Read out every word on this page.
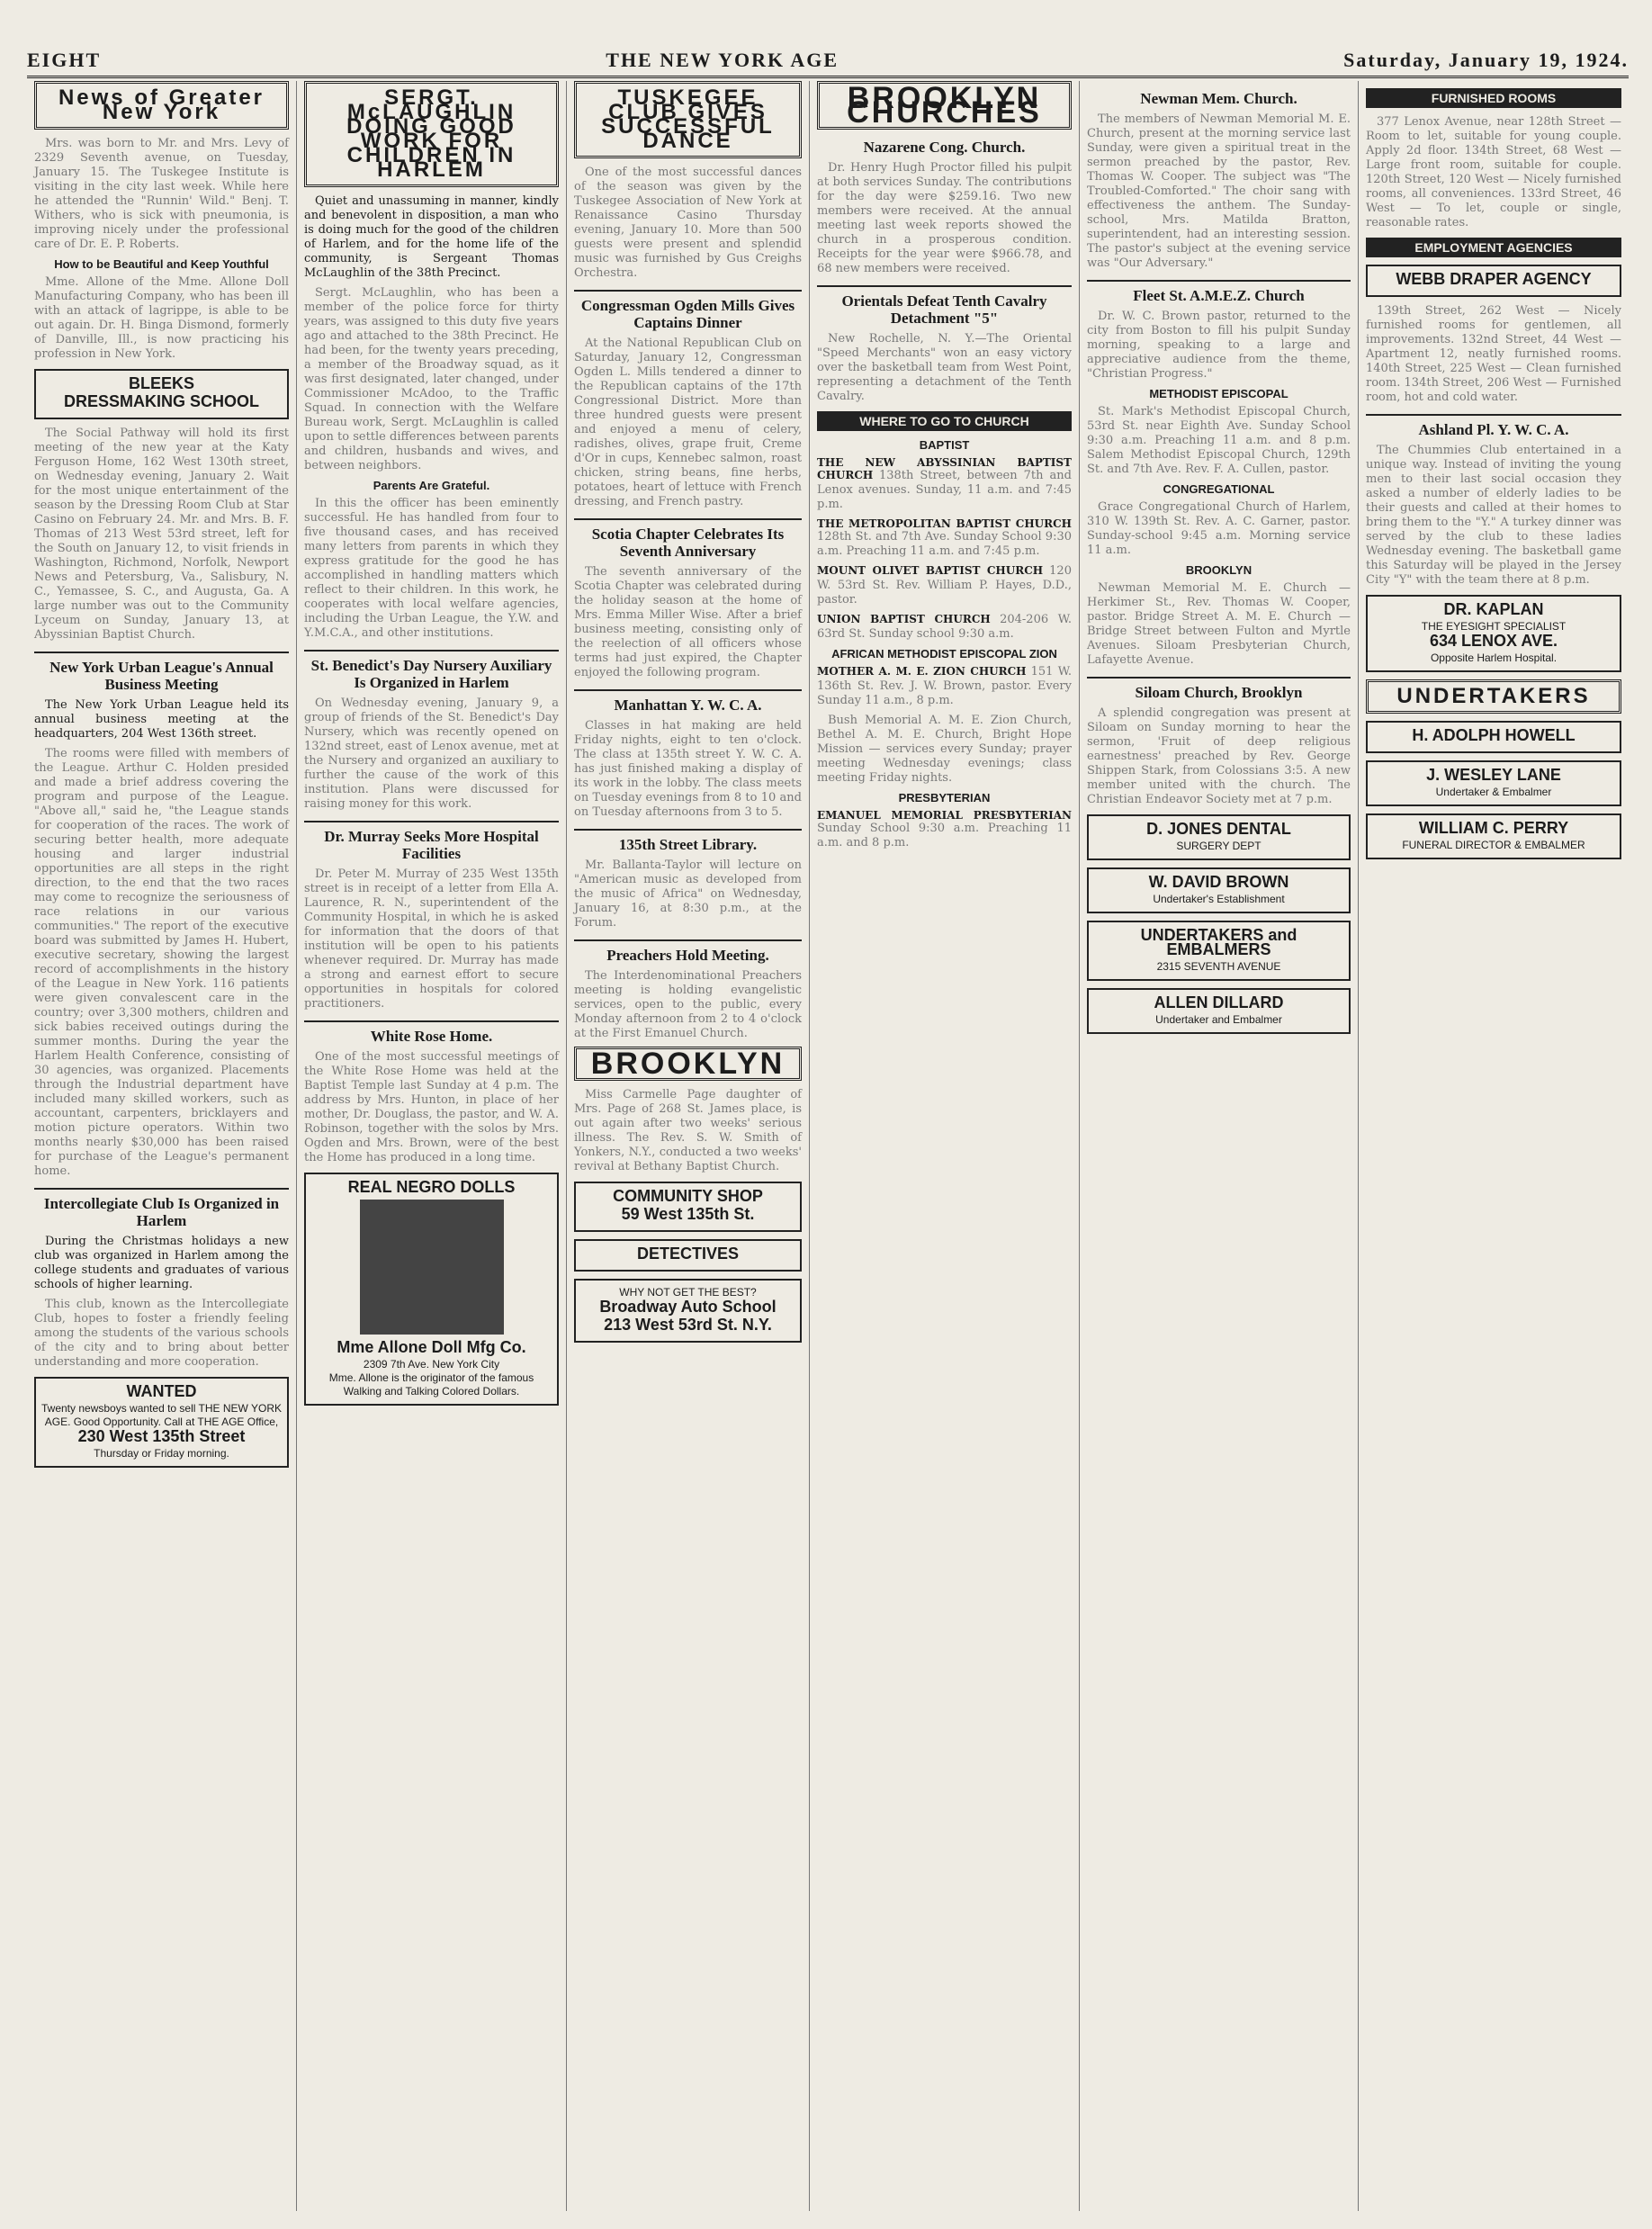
EIGHT	THE NEW YORK AGE	Saturday, January 19, 1924.
News of Greater New York

Mrs. was born to Mr. and Mrs. Levy of 2329 Seventh avenue, on Tuesday, January 15. The Tuskegee Institute is visiting in the city last week. While here he attended the "Runnin' Wild." Benj. T. Withers, who is sick with pneumonia, is improving nicely under the professional care of Dr. E. P. Roberts.

How to be Beautiful and Keep Youthful

Mme. Allone of the Mme. Allone Doll Manufacturing Company, who has been ill with an attack of lagrippe, is able to be out again. Dr. H. Binga Dismond, formerly of Danville, Ill., is now practicing his profession in New York.

BLEEKS
DRESSMAKING SCHOOL

The Social Pathway will hold its first meeting of the new year at the Katy Ferguson Home, 162 West 130th street, on Wednesday evening, January 2. Wait for the most unique entertainment of the season by the Dressing Room Club at Star Casino on February 24. Mr. and Mrs. B. F. Thomas of 213 West 53rd street, left for the South on January 12, to visit friends in Washington, Richmond, Norfolk, Newport News and Petersburg, Va., Salisbury, N. C., Yemassee, S. C., and Augusta, Ga. A large number was out to the Community Lyceum on Sunday, January 13, at Abyssinian Baptist Church.

New York Urban League's Annual Business Meeting

The New York Urban League held its annual business meeting at the headquarters, 204 West 136th street.

The rooms were filled with members of the League. Arthur C. Holden presided and made a brief address covering the program and purpose of the League. "Above all," said he, "the League stands for cooperation of the races. The work of securing better health, more adequate housing and larger industrial opportunities are all steps in the right direction, to the end that the two races may come to recognize the seriousness of race relations in our various communities." The report of the executive board was submitted by James H. Hubert, executive secretary, showing the largest record of accomplishments in the history of the League in New York. 116 patients were given convalescent care in the country; over 3,300 mothers, children and sick babies received outings during the summer months. During the year the Harlem Health Conference, consisting of 30 agencies, was organized. Placements through the Industrial department have included many skilled workers, such as accountant, carpenters, bricklayers and motion picture operators. Within two months nearly $30,000 has been raised for purchase of the League's permanent home.

Intercollegiate Club Is Organized in Harlem

During the Christmas holidays a new club was organized in Harlem among the college students and graduates of various schools of higher learning.

This club, known as the Intercollegiate Club, hopes to foster a friendly feeling among the students of the various schools of the city and to bring about better understanding and more cooperation.

WANTED
Twenty newsboys wanted to sell THE NEW YORK AGE. Good Opportunity. Call at THE AGE Office,
230 West 135th Street
Thursday or Friday morning.
SERGT. McLAUGHLIN DOING GOOD WORK FOR CHILDREN IN HARLEM

Quiet and unassuming in manner, kindly and benevolent in disposition, a man who is doing much for the good of the children of Harlem, and for the home life of the community, is Sergeant Thomas McLaughlin of the 38th Precinct.

Sergt. McLaughlin, who has been a member of the police force for thirty years, was assigned to this duty five years ago and attached to the 38th Precinct. He had been, for the twenty years preceding, a member of the Broadway squad, as it was first designated, later changed, under Commissioner McAdoo, to the Traffic Squad. In connection with the Welfare Bureau work, Sergt. McLaughlin is called upon to settle differences between parents and children, husbands and wives, and between neighbors.

Parents Are Grateful.

In this the officer has been eminently successful. He has handled from four to five thousand cases, and has received many letters from parents in which they express gratitude for the good he has accomplished in handling matters which reflect to their children. In this work, he cooperates with local welfare agencies, including the Urban League, the Y.W. and Y.M.C.A., and other institutions.

St. Benedict's Day Nursery Auxiliary Is Organized in Harlem

On Wednesday evening, January 9, a group of friends of the St. Benedict's Day Nursery, which was recently opened on 132nd street, east of Lenox avenue, met at the Nursery and organized an auxiliary to further the cause of the work of this institution. Plans were discussed for raising money for this work.

Dr. Murray Seeks More Hospital Facilities

Dr. Peter M. Murray of 235 West 135th street is in receipt of a letter from Ella A. Laurence, R. N., superintendent of the Community Hospital, in which he is asked for information that the doors of that institution will be open to his patients whenever required. Dr. Murray has made a strong and earnest effort to secure opportunities in hospitals for colored practitioners.

White Rose Home.

One of the most successful meetings of the White Rose Home was held at the Baptist Temple last Sunday at 4 p.m. The address by Mrs. Hunton, in place of her mother, Dr. Douglass, the pastor, and W. A. Robinson, together with the solos by Mrs. Ogden and Mrs. Brown, were of the best the Home has produced in a long time.

REAL NEGRO DOLLS
Mme Allone Doll Mfg Co.
2309 7th Ave. New York City
Mme. Allone is the originator of the famous Walking and Talking Colored Dollars.
TUSKEGEE CLUB GIVES SUCCESSFUL DANCE

One of the most successful dances of the season was given by the Tuskegee Association of New York at Renaissance Casino Thursday evening, January 10. More than 500 guests were present and splendid music was furnished by Gus Creighs Orchestra.

Congressman Ogden Mills Gives Captains Dinner

At the National Republican Club on Saturday, January 12, Congressman Ogden L. Mills tendered a dinner to the Republican captains of the 17th Congressional District. More than three hundred guests were present and enjoyed a menu of celery, radishes, olives, grape fruit, Creme d'Or in cups, Kennebec salmon, roast chicken, string beans, fine herbs, potatoes, heart of lettuce with French dressing, and French pastry.

Scotia Chapter Celebrates Its Seventh Anniversary

The seventh anniversary of the Scotia Chapter was celebrated during the holiday season at the home of Mrs. Emma Miller Wise. After a brief business meeting, consisting only of the reelection of all officers whose terms had just expired, the Chapter enjoyed the following program.

Manhattan Y. W. C. A.

Classes in hat making are held Friday nights, eight to ten o'clock. The class at 135th street Y. W. C. A. has just finished making a display of its work in the lobby. The class meets on Tuesday evenings from 8 to 10 and on Tuesday afternoons from 3 to 5.

135th Street Library.

Mr. Ballanta-Taylor will lecture on "American music as developed from the music of Africa" on Wednesday, January 16, at 8:30 p.m., at the Forum.

Preachers Hold Meeting.

The Interdenominational Preachers meeting is holding evangelistic services, open to the public, every Monday afternoon from 2 to 4 o'clock at the First Emanuel Church.

BROOKLYN

Miss Carmelle Page daughter of Mrs. Page of 268 St. James place, is out again after two weeks' serious illness. The Rev. S. W. Smith of Yonkers, N.Y., conducted a two weeks' revival at Bethany Baptist Church.

COMMUNITY SHOP
59 West 135th St.
DETECTIVES
WHY NOT GET THE BEST?
Broadway Auto School
213 West 53rd St. N.Y.
BROOKLYN CHURCHES
Nazarene Cong. Church.

Dr. Henry Hugh Proctor filled his pulpit at both services Sunday. The contributions for the day were $259.16. Two new members were received. At the annual meeting last week reports showed the church in a prosperous condition. Receipts for the year were $966.78, and 68 new members were received.

Orientals Defeat Tenth Cavalry Detachment "5"

New Rochelle, N. Y.—The Oriental "Speed Merchants" won an easy victory over the basketball team from West Point, representing a detachment of the Tenth Cavalry.

WHERE TO GO TO CHURCH
BAPTIST
THE NEW ABYSSINIAN BAPTIST CHURCH 138th Street, between 7th and Lenox avenues. Sunday, 11 a.m. and 7:45 p.m.
THE METROPOLITAN BAPTIST CHURCH 128th St. and 7th Ave. Sunday School 9:30 a.m. Preaching 11 a.m. and 7:45 p.m.
MOUNT OLIVET BAPTIST CHURCH 120 W. 53rd St. Rev. William P. Hayes, D.D., pastor.
UNION BAPTIST CHURCH 204-206 W. 63rd St. Sunday school 9:30 a.m.
AFRICAN METHODIST EPISCOPAL ZION
MOTHER A. M. E. ZION CHURCH 151 W. 136th St. Rev. J. W. Brown, pastor. Every Sunday 11 a.m., 8 p.m.

Bush Memorial A. M. E. Zion Church, Bethel A. M. E. Church, Bright Hope Mission — services every Sunday; prayer meeting Wednesday evenings; class meeting Friday nights.

PRESBYTERIAN
EMANUEL MEMORIAL PRESBYTERIAN Sunday School 9:30 a.m. Preaching 11 a.m. and 8 p.m.
Newman Mem. Church.

The members of Newman Memorial M. E. Church, present at the morning service last Sunday, were given a spiritual treat in the sermon preached by the pastor, Rev. Thomas W. Cooper. The subject was "The Troubled-Comforted." The choir sang with effectiveness the anthem. The Sunday-school, Mrs. Matilda Bratton, superintendent, had an interesting session. The pastor's subject at the evening service was "Our Adversary."

Fleet St. A.M.E.Z. Church

Dr. W. C. Brown pastor, returned to the city from Boston to fill his pulpit Sunday morning, speaking to a large and appreciative audience from the theme, "Christian Progress."

METHODIST EPISCOPAL

St. Mark's Methodist Episcopal Church, 53rd St. near Eighth Ave. Sunday School 9:30 a.m. Preaching 11 a.m. and 8 p.m. Salem Methodist Episcopal Church, 129th St. and 7th Ave. Rev. F. A. Cullen, pastor.

CONGREGATIONAL

Grace Congregational Church of Harlem, 310 W. 139th St. Rev. A. C. Garner, pastor. Sunday-school 9:45 a.m. Morning service 11 a.m.

BROOKLYN

Newman Memorial M. E. Church — Herkimer St., Rev. Thomas W. Cooper, pastor. Bridge Street A. M. E. Church — Bridge Street between Fulton and Myrtle Avenues. Siloam Presbyterian Church, Lafayette Avenue.

Siloam Church, Brooklyn

A splendid congregation was present at Siloam on Sunday morning to hear the sermon, 'Fruit of deep religious earnestness' preached by Rev. George Shippen Stark, from Colossians 3:5. A new member united with the church. The Christian Endeavor Society met at 7 p.m.

D. JONES DENTAL
SURGERY DEPT
W. DAVID BROWN
Undertaker's Establishment
UNDERTAKERS and EMBALMERS
2315 SEVENTH AVENUE
ALLEN DILLARD
Undertaker and Embalmer
FURNISHED ROOMS

377 Lenox Avenue, near 128th Street — Room to let, suitable for young couple. Apply 2d floor. 134th Street, 68 West — Large front room, suitable for couple. 120th Street, 120 West — Nicely furnished rooms, all conveniences. 133rd Street, 46 West — To let, couple or single, reasonable rates.

EMPLOYMENT AGENCIES
WEBB DRAPER AGENCY

139th Street, 262 West — Nicely furnished rooms for gentlemen, all improvements. 132nd Street, 44 West — Apartment 12, neatly furnished rooms. 140th Street, 225 West — Clean furnished room. 134th Street, 206 West — Furnished room, hot and cold water.

Ashland Pl. Y. W. C. A.

The Chummies Club entertained in a unique way. Instead of inviting the young men to their last social occasion they asked a number of elderly ladies to be their guests and called at their homes to bring them to the "Y." A turkey dinner was served by the club to these ladies Wednesday evening. The basketball game this Saturday will be played in the Jersey City "Y" with the team there at 8 p.m.

DR. KAPLAN
THE EYESIGHT SPECIALIST
634 LENOX AVE.
Opposite Harlem Hospital.
UNDERTAKERS
H. ADOLPH HOWELL
J. WESLEY LANE
Undertaker & Embalmer
WILLIAM C. PERRY
FUNERAL DIRECTOR & EMBALMER
